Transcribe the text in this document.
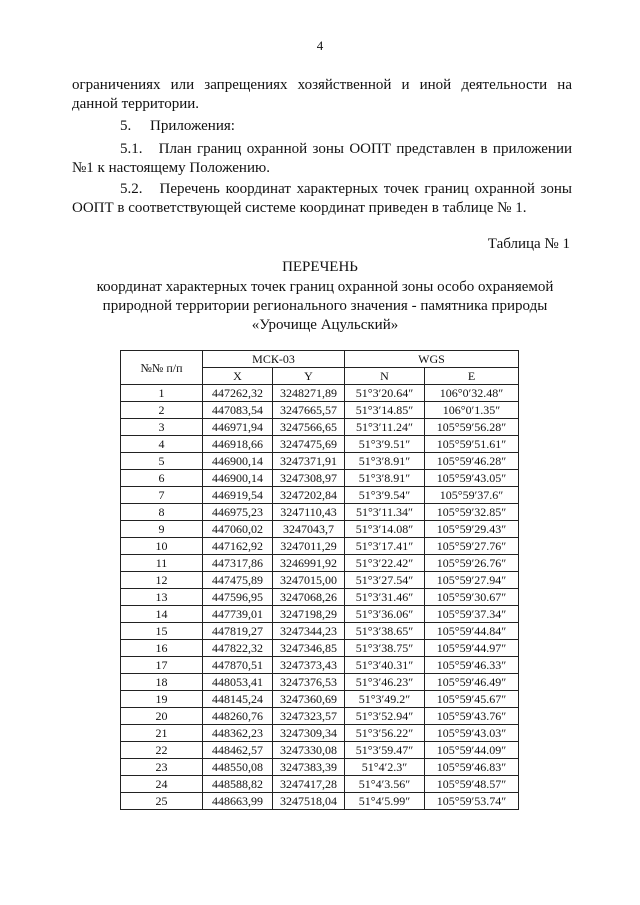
4
ограничениях или запрещениях хозяйственной и иной деятельности на данной территории.
5.     Приложения:
5.1.   План границ охранной зоны ООПТ представлен в приложении №1 к настоящему Положению.
5.2.   Перечень координат характерных точек границ охранной зоны ООПТ в соответствующей системе координат приведен в таблице № 1.
Таблица № 1
ПЕРЕЧЕНЬ
координат характерных точек границ охранной зоны особо охраняемой природной территории регионального значения - памятника природы «Урочище Ацульский»
№№ п/п	МСК-03		WGS	
	X	Y	N	E
1	447262,32	3248271,89	51°3′20.64″	106°0′32.48″
2	447083,54	3247665,57	51°3′14.85″	106°0′1.35″
3	446971,94	3247566,65	51°3′11.24″	105°59′56.28″
4	446918,66	3247475,69	51°3′9.51″	105°59′51.61″
5	446900,14	3247371,91	51°3′8.91″	105°59′46.28″
6	446900,14	3247308,97	51°3′8.91″	105°59′43.05″
7	446919,54	3247202,84	51°3′9.54″	105°59′37.6″
8	446975,23	3247110,43	51°3′11.34″	105°59′32.85″
9	447060,02	3247043,7	51°3′14.08″	105°59′29.43″
10	447162,92	3247011,29	51°3′17.41″	105°59′27.76″
11	447317,86	3246991,92	51°3′22.42″	105°59′26.76″
12	447475,89	3247015,00	51°3′27.54″	105°59′27.94″
13	447596,95	3247068,26	51°3′31.46″	105°59′30.67″
14	447739,01	3247198,29	51°3′36.06″	105°59′37.34″
15	447819,27	3247344,23	51°3′38.65″	105°59′44.84″
16	447822,32	3247346,85	51°3′38.75″	105°59′44.97″
17	447870,51	3247373,43	51°3′40.31″	105°59′46.33″
18	448053,41	3247376,53	51°3′46.23″	105°59′46.49″
19	448145,24	3247360,69	51°3′49.2″	105°59′45.67″
20	448260,76	3247323,57	51°3′52.94″	105°59′43.76″
21	448362,23	3247309,34	51°3′56.22″	105°59′43.03″
22	448462,57	3247330,08	51°3′59.47″	105°59′44.09″
23	448550,08	3247383,39	51°4′2.3″	105°59′46.83″
24	448588,82	3247417,28	51°4′3.56″	105°59′48.57″
25	448663,99	3247518,04	51°4′5.99″	105°59′53.74″
